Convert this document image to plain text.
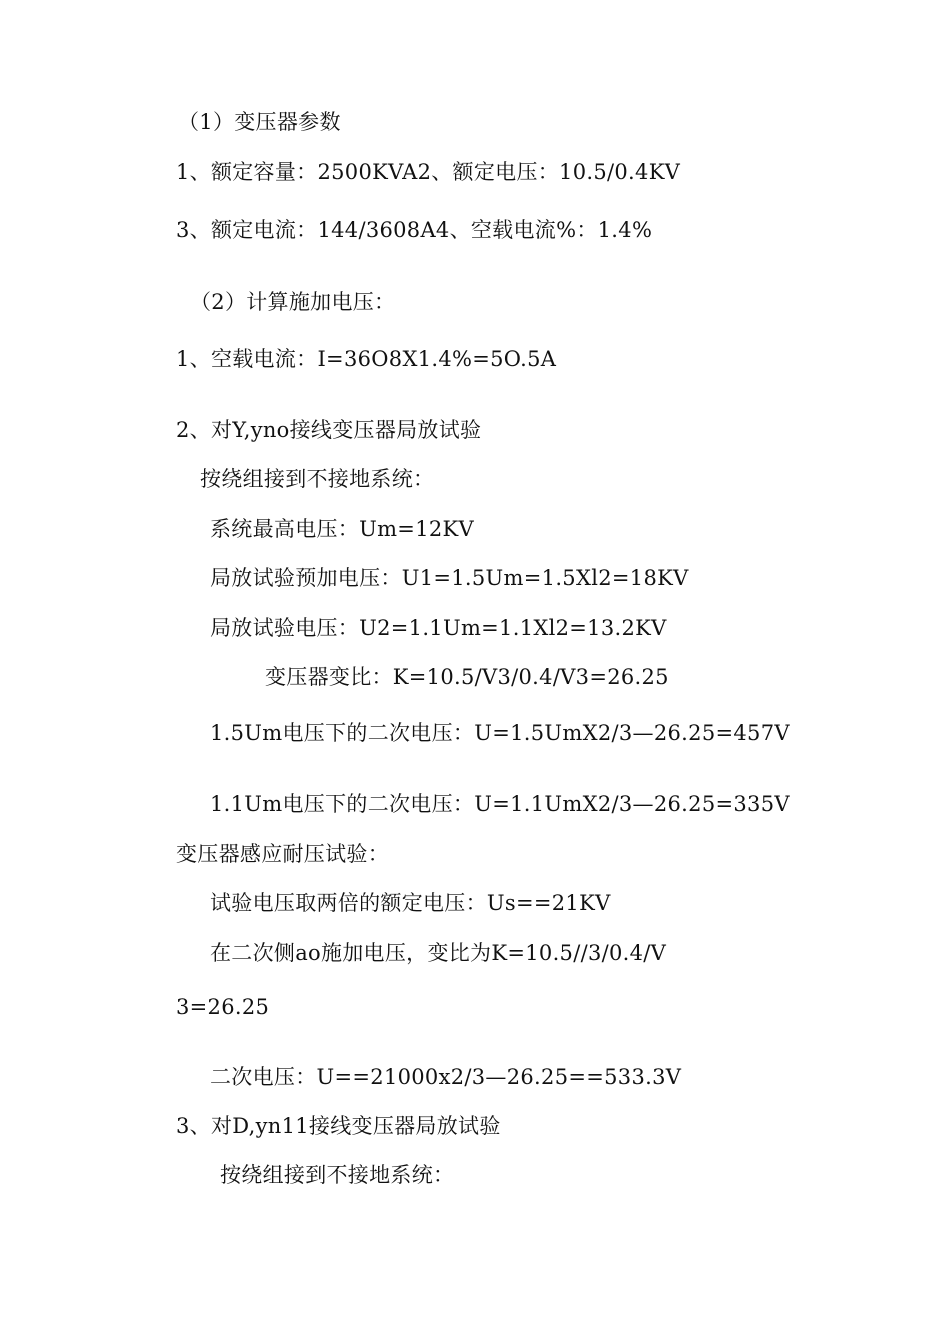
（1）变压器参数
1、额定容量：2500KVA2、额定电压：10.5/0.4KV
3、额定电流：144/3608A4、空载电流%：1.4%
（2）计算施加电压：
1、空载电流：I=36O8X1.4%=5O.5A
2、对Y,yno接线变压器局放试验
按绕组接到不接地系统：
系统最高电压：Um=12KV
局放试验预加电压：U1=1.5Um=1.5Xl2=18KV
局放试验电压：U2=1.1Um=1.1Xl2=13.2KV
变压器变比：K=10.5/V3/0.4/V3=26.25
1.5Um电压下的二次电压：U=1.5UmX2/3—26.25=457V
1.1Um电压下的二次电压：U=1.1UmX2/3—26.25=335V
变压器感应耐压试验：
试验电压取两倍的额定电压：Us==21KV
在二次侧ao施加电压，变比为K=10.5//3/0.4/V
3=26.25
二次电压：U==21000x2/3—26.25==533.3V
3、对D,yn11接线变压器局放试验
按绕组接到不接地系统：
